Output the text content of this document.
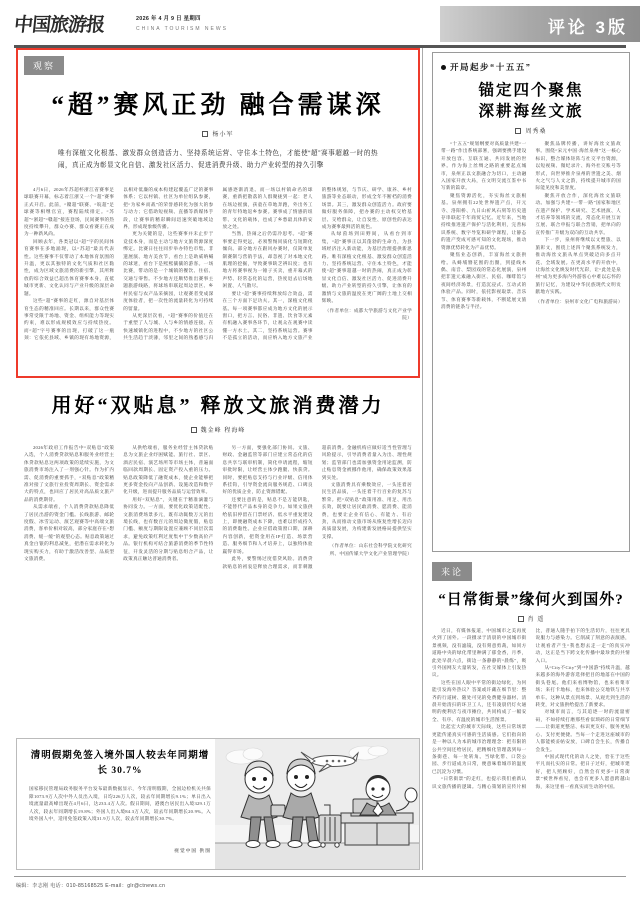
中国旅游报	2026 年 4 月 9 日 星期四
CHINA TOURISM NEWS	评论 3版
观察
“超”赛风正劲 融合需谋深
杨小军
唯有深植文化根基、激发群众创造活力、坚持系统运营、守住本土特色，才能使“超”赛事超越一时的热闹，真正成为彰显文化自信、激发社区活力、促进消费升级、助力产业转型的持久引擎

4月6日，2026年苏超杯浙江省赛事足球联赛开幕，标志着江浙又一个“超”赛事正式开启。此前，“赣超”联赛、“皖超”足球赛等相继官宣，赛程陆续排定。“苏超”“浙超”“赣超”接连登场，民间赛事的热度持续攀升，群众办赛、群众看赛正在成为一种新风尚。

回顾去年，各类冠以“超”字的民间体育赛事在多地涌现，以“苏超”最具代表性。这些赛事不仅带动了本地体育氛围的升温，更以其独特的文化气质和社区黏性，成为区域文旅消费的新引擎，其所释放的综合效益已超出体育赛事本身，直抵城市更新、文化认同与产业升级的深层命题。

这些“超”赛事的走红，源自对基层体育生态的精准回应。长期以来，群众性赛事常受限于场地、资金、组织能力等现实约束，难以形成规模效应与持续热度。而“超”字号赛事的出现，打破了这一瓶颈：它依托县域、乡镇的现有场地资源，以相对低廉的成本构建起覆盖广泛的赛事体系；它以村镇、社区为单位组队参赛，把“为家乡而战”的荣誉感转化为强大的参与动力；它借助短视频、直播等新媒体手段，让赛事的精彩瞬间迅速突破地域边界，形成现象级传播。

更为关键的是，这些赛事并未止步于竞技本身，而是主动与地方文旅资源深度绑定。比赛日往往同步举办特色市集、非遗展演、地方美食节，看台上是助威呐喊的球迷，看台下是熙熙攘攘的游客。一场比赛，带动的是一个城镇的餐饮、住宿、交通与零售。不少地方还顺势推出赛事主题旅游线路，将球场串联起周边景区、乡村民宿与农产品采摘园，让观赛者变成深度体验者，把一次性的流量转化为可持续的留量。

从更深层次看，“超”赛事的价值还在于重塑了人与城、人与乡的情感连接。在快速城镇化的进程中，不少地方的社区公共生活趋于淡薄，邻里之间的熟悉感与归属感逐渐消退。而一场以村镇命名的球赛，重新把散落的人群聚拢到一起：老人在场边摇旗，孩童在草地奔跑，外出务工的青年特地返乡参赛。赛事成了情感的纽带、文化的载体，也成了乡愁最具体的安放之处。

当然，热闹之后仍需冷思考。“超”赛事要走得更远，必须警惕同质化与短期化倾向。部分地方在跟风办赛时，仅简单复制赛制与营销手法，却忽视了对本地文化肌理的挖掘，导致赛事缺乏辨识度；也有地方将赛事视为一锤子买卖，重开幕式的声势、轻常态化的运营，热度退去后场地闲置、人气散尽。

要让“超”赛事持续释放综合效益，需在三个方面下足功夫。其一，深植文化根基。每一项赛事都应成为地方文化的展示窗口，把方言、民俗、非遗、饮食等元素有机融入赛事各环节，让观众在观赛中读懂一方水土。其二，坚持系统运营。赛事不是孤立的活动，而应纳入地方文旅产业的整体规划，与节庆、研学、康养、乡村旅游等业态联动，形成全年不断档的消费场景。其三，激发群众创造活力。政府要做好服务保障，把办赛的主动权交给基层、交给群众，让自发性、原创性的表达成为赛事最鲜活的底色。

从绿茵场到田野间，从看台到市集，“超”赛事正以其蓬勃的生命力，为县域经济注入新动能，为基层治理提供新思路。唯有深植文化根基、激发群众创造活力、坚持系统运营、守住本土特色，才能使“超”赛事超越一时的热闹，真正成为彰显文化自信、激发社区活力、促进消费升级、助力产业转型的持久引擎，让体育的激情与文旅的温度在更广阔的土地上交相辉映。

（作者单位：成都大学旅游与文化产业学院）
用好“双贴息” 释放文旅消费潜力
魏金峰 程海峰

2026年政府工作报告中“双贴息”政策入选，个人消费贷款贴息和服务业经营主体贷款贴息这两项政策的延续实施，为文旅消费市场注入了一剂强心针。作为扩内需、促消费的重要抓手，“双贴息”政策精准对接了文旅行业投资周期长、资金需求大的特点，也回应了居民对高品质文旅产品的消费期待。

从需求端看，个人消费贷款贴息降低了居民出游的资金门槛。长线旅游、邮轮度假、冰雪运动、演艺观赛等中高端文旅消费，客单价相对较高，部分家庭存在“想消费、缓一缓”的观望心态。贴息政策通过真金白银的利息减免，把潜在需求转化为现实购买力，有助于激活改善型、品质型文旅消费。

从供给端看，服务业经营主体贷款贴息为文旅企业纾困赋能。旅行社、景区、酒店民宿、演艺场所等市场主体，普遍面临回款周期长、固定资产投入重的压力。贴息政策降低了融资成本，使企业能够把更多资金投向产品创新、设施改造和数字化升级，进而提升服务品质与运营效率。

用好“双贴息”，关键在于精准滴灌与协同发力。一方面，要优化政策适配性。文旅消费场景多元，既有动辄数万元的出境长线，也有数百元的周边微度假，贴息门槛、额度与期限设置应兼顾不同层次需求，避免政策红利过度集中于少数高价产品。银行机构可结合旅游消费的季节性特征，开发灵活的分期与贴息组合产品，让政策真正触达普通消费者。

另一方面，要强化部门协同。文旅、财政、金融监管等部门应建立常态化的信息共享与联审机制，简化申请流程，缩短审批时限，让经营主体少跑腿、快获贷。同时，要把贴息支持与行业评级、信用体系挂钩，引导资金流向服务规范、口碑良好的优质企业，防止资源错配。

还要注意的是，贴息不是万能钥匙，不能替代产品本身的竞争力。如果文旅供给依旧停留在门票经济、低水平重复建设上，即便融资成本下降，也难以形成持久的消费黏性。企业应借政策窗口期，深耕内容创新，把资金用在IP打造、场景营造、服务细节和人才培养上，以独特体验赢得市场。

此外，要警惕过度借贷风险。消费贷款贴息的初衷是释放合理需求，而非刺激超前消费。金融机构应做好适当性管理与风险提示，引导消费者量入为出、理性规划；监管部门也需加强资金用途监测，防止贴息资金被挪作他用，确保政策效果落到实处。

文旅消费具有乘数效应，一头连着居民生活品质，一头连着千行百业的复苏与繁荣。把“双贴息”政策用准、用足、用出长效，既要让居民敢消费、愿消费、能消费，也要让企业有信心、有能力、有后劲，从而推动文旅市场从恢复性增长迈向高质量发展，为构建新发展格局提供坚实支撑。

（作者单位：山东社会科学院文化研究所、中国传媒大学文化产业管理学院）
清明假期免签入境外国人较去年同期增长 30.7%
国家移民管理局政务服务平台发布最新数据显示，今年清明假期，全国边检机关共保障1073.9万人次中外人员出入境，日均226万人次，较去年同期增长9.1%；单日出入境流量最高峰出现在4月6日，达233.4万人次。假日期间，港澳台居民出入境329.1万人次，较去年同期增长19.8%；外国人出入境84.3万人次，较去年同期增长20.9%。入境外国人中，适用免签政策入境31.9万人次，较去年同期增长30.7%。
视觉中国 供图
开局起步“十五五”
锚定四个聚焦
深耕海丝文旅
周秀桑

“十五五”规划纲要对高质量共建“一带一路”作出系统部署，强调要携手建设开放包容、互联互通、共同发展的世界。作为海上丝绸之路的重要起点城市，泉州正以文旅融合为切口，主动融入国家开放大局，在文明交流互鉴中书写新的篇章。

聚焦资源活化，夯实海丝文旅根基。泉州拥有22处世界遗产点，开元寺、洛阳桥、九日山祈风石刻等历史遗存串联起千年商贸记忆。近年来，当地持续推进遗产保护与活化利用，完善标识系统、数字导览和研学课程，让静态的遗产变成可感可知的文化现场，推动资源优势转化为产品优势。

聚焦业态创新，丰富海丝文旅供给。从蟳埔簪花围的出圈，到提线木偶、南音、梨园戏的常态化展演，泉州把非遗元素融入街区、民宿、咖啡馆与夜间经济场景，打造沉浸式、互动式的体验产品。同时，依托影视取景、音乐节、体育赛事等新载体，不断延展文旅消费的链条与半径。

聚焦品牌传播，讲好海丝文旅故事。围绕“宋元中国·海丝泉州”这一核心标识，整合媒体矩阵与社交平台资源，以短视频、微纪录片、海外社交账号等形式，向世界推介泉州的世遗之美、烟火之气与人文之韵，持续提升城市的国际能见度和美誉度。

聚焦开放合作，深化海丝文旅联动。加强与共建“一带一路”国家和地区在遗产保护、学术研究、艺术展演、人才培养等领域的交流，常态化开展互访互展、联合申报与联合营销，把单向的宣传推广升级为双向的互动共享。

下一步，泉州将继续以文塑旅、以旅彰文，围绕上述四个聚焦系统发力，推动海丝文旅从单点突破迈向多点开花、全域发展。在更高水平的开放中，让海丝文化焕发时代光彩，让“此处是泉州”成为更多海内外游客心中难以忘怀的旅行记忆，为建设中华民族现代文明贡献地方实践。

（作者单位：泉州市文化广电和旅游局）
来论
“日常街景”缘何火到国外?
肖 遥

近日，有媒体报道，中国城市之美再度火到了国外。一段摄录于清晨的中国城市街景视频，没有滤镜，没有刻意剪裁，如同方道路中央的绿化带里种满了郁金香，月季，此处早晨六点，街边一条静静的“晨练”，吸引外国网友大量转发，在社交媒体上引发热议。

这些在国人眼中平常的街边绿化，为何能引发海外热议？答案或许藏在细节里：整齐的行道树、随处可见的免费健身器材、清晨开始清扫的环卫工人，还有凌晨仍灯火通明的便利店与夜市摊位，共同构成了一幅安全、有序、有温度的城市生活图景。

比起宏大的城市天际线，这些日常场景更能传递真实可感的生活质感。它们指向的是一种以人为本的城市治理理念：把有限的公共空间还给居民，把精细化管理落到每一条街巷、每一处转角。当绿化带、口袋公园、步行道成为日常，便意味着城市的温度已沉淀为习惯。

“日常街景”的走红，也提示我们重新认识文旅传播的逻辑。与精心策划的宣传片相比，普通人随手拍下的生活切片，往往更具说服力与感染力。它削减了刻意的表演感，让观看者产生“我也想去走一走”的真实冲动，这正是当下跨文化传播中最珍贵的共情入口。

从“City不City”到“中国游”持续升温，越来越多的海外游客选择把目的地落在中国的街头巷尾。他们来看博物馆，也来看菜市场；来打卡地标，也来体验公交地铁与共享单车。这种从景点到场景、从观光到生活的转变，对文旅供给提出了新要求。

对城市而言，与其追逐一时的流量密码，不如持续打磨那些看似琐碎的日常细节——让街道更整洁、标识更友好、服务更贴心、支付更便捷。当每一个走进这座城市的人都能被妥帖安放，口碑自会生长，传播自会发生。

中国式现代化的动人之处，恰在于这些平凡而扎实的日常。把日子过好，把城市建好，把人照顾好，自然会有更多“日常街景”被世界看见，也会有更多人愿意跨越山海，来这里看一看真实而生动的中国。

编辑：李志刚 电话：010-85168525 E-mail：glr@ctnews.cn
